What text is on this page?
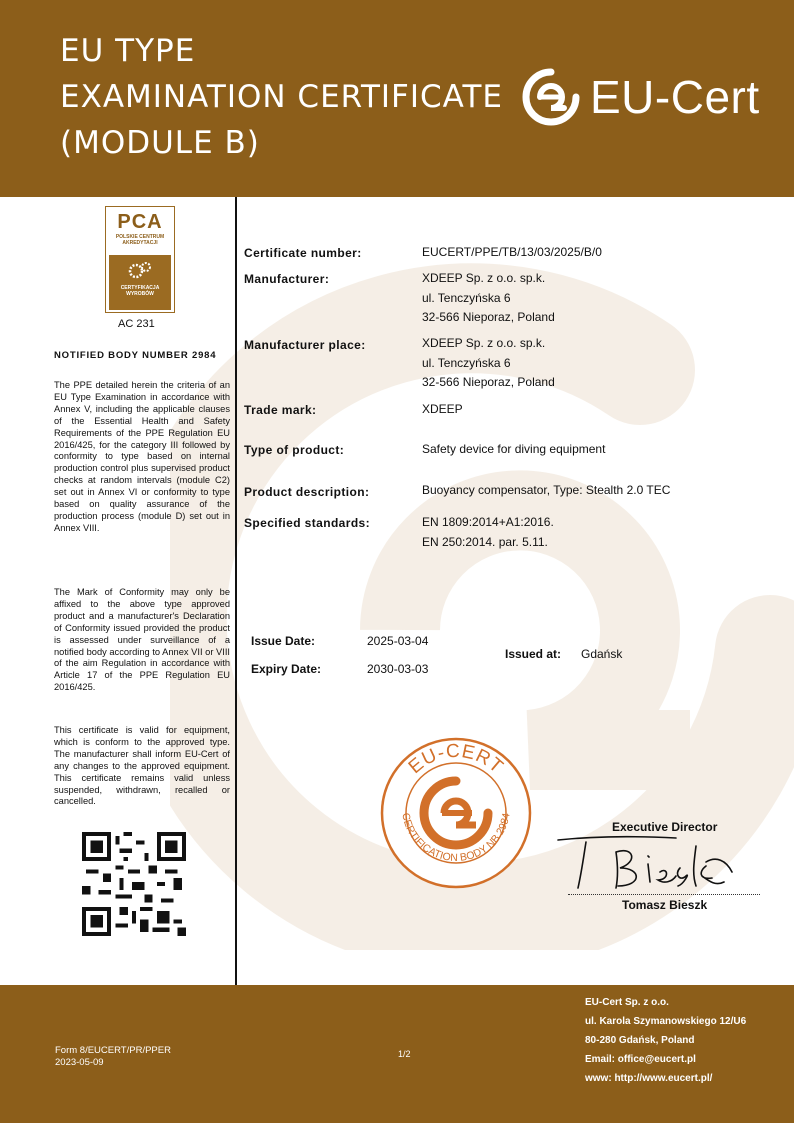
EU TYPE
EXAMINATION CERTIFICATE
(MODULE B)
EU-Cert
PCA
POLSKIE CENTRUM
AKREDYTACJI
CERTYFIKACJA
WYROBÓW
AC 231
NOTIFIED BODY NUMBER 2984
The PPE detailed herein the criteria of an EU Type Examination in accordance with Annex V, including the applicable clauses of the Essential Health and Safety Requirements of the PPE Regulation EU 2016/425, for the category III followed by conformity to type based on internal production control plus supervised product checks at random intervals (module C2) set out in Annex VI or conformity to type based on quality assurance of the production process (module D) set out in Annex VIII.
The Mark of Conformity may only be affixed to the above type approved product and a manufacturer's Declaration of Conformity issued provided the product is assessed under surveillance of a notified body according to Annex VII or VIII of the aim Regulation in accordance with Article 17 of the PPE Regulation EU 2016/425.
This certificate is valid for equipment, which is conform to the approved type. The manufacturer shall inform EU-Cert of any changes to the approved equipment. This certificate remains valid unless suspended, withdrawn, recalled or cancelled.
Certificate number:	EUCERT/PPE/TB/13/03/2025/B/0
Manufacturer:	XDEEP Sp. z o.o. sp.k.
ul. Tenczyńska 6
32-566 Nieporaz, Poland
Manufacturer place:	XDEEP Sp. z o.o. sp.k.
ul. Tenczyńska 6
32-566 Nieporaz, Poland
Trade mark:	XDEEP
Type of product:	Safety device for diving equipment
Product description:	Buoyancy compensator, Type: Stealth 2.0 TEC
Specified standards:	EN 1809:2014+A1:2016.
EN 250:2014. par. 5.11.
Issue Date:	2025-03-04
Expiry Date:	2030-03-03
Issued at: Gdańsk
EU-CERT
CERTIFICATION BODY NB 2984
Executive Director
Tomasz Bieszk
Form 8/EUCERT/PR/PPER
2023-05-09
1/2
EU-Cert Sp. z o.o.
ul. Karola Szymanowskiego 12/U6
80-280 Gdańsk, Poland
Email: office@eucert.pl
www: http://www.eucert.pl/
